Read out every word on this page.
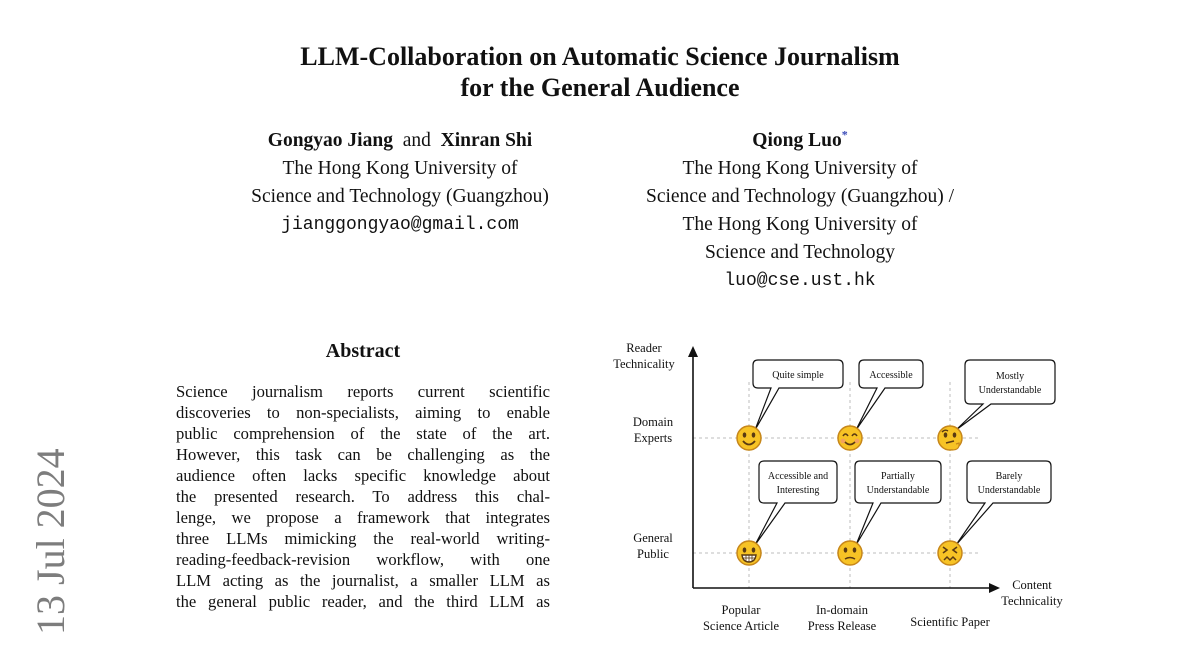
13 Jul 2024
LLM-Collaboration on Automatic Science Journalism
for the General Audience
Gongyao Jiang and Xinran Shi
The Hong Kong University of
Science and Technology (Guangzhou)
jianggongyao@gmail.com
Qiong Luo*
The Hong Kong University of
Science and Technology (Guangzhou) /
The Hong Kong University of
Science and Technology
luo@cse.ust.hk
Abstract
Science journalism reports current scientific
discoveries to non-specialists, aiming to enable
public comprehension of the state of the art.
However, this task can be challenging as the
audience often lacks specific knowledge about
the presented research. To address this chal-
lenge, we propose a framework that integrates
three LLMs mimicking the real-world writing-
reading-feedback-revision workflow, with one
LLM acting as the journalist, a smaller LLM as
the general public reader, and the third LLM as
Reader Technicality
Content Technicality
Domain Experts
General Public
Popular Science Article
In-domain Press Release	Scientific Paper
Quite simple	Accessible	Mostly Understandable
Accessible and Interesting
Partially Understandable
Barely Understandable
